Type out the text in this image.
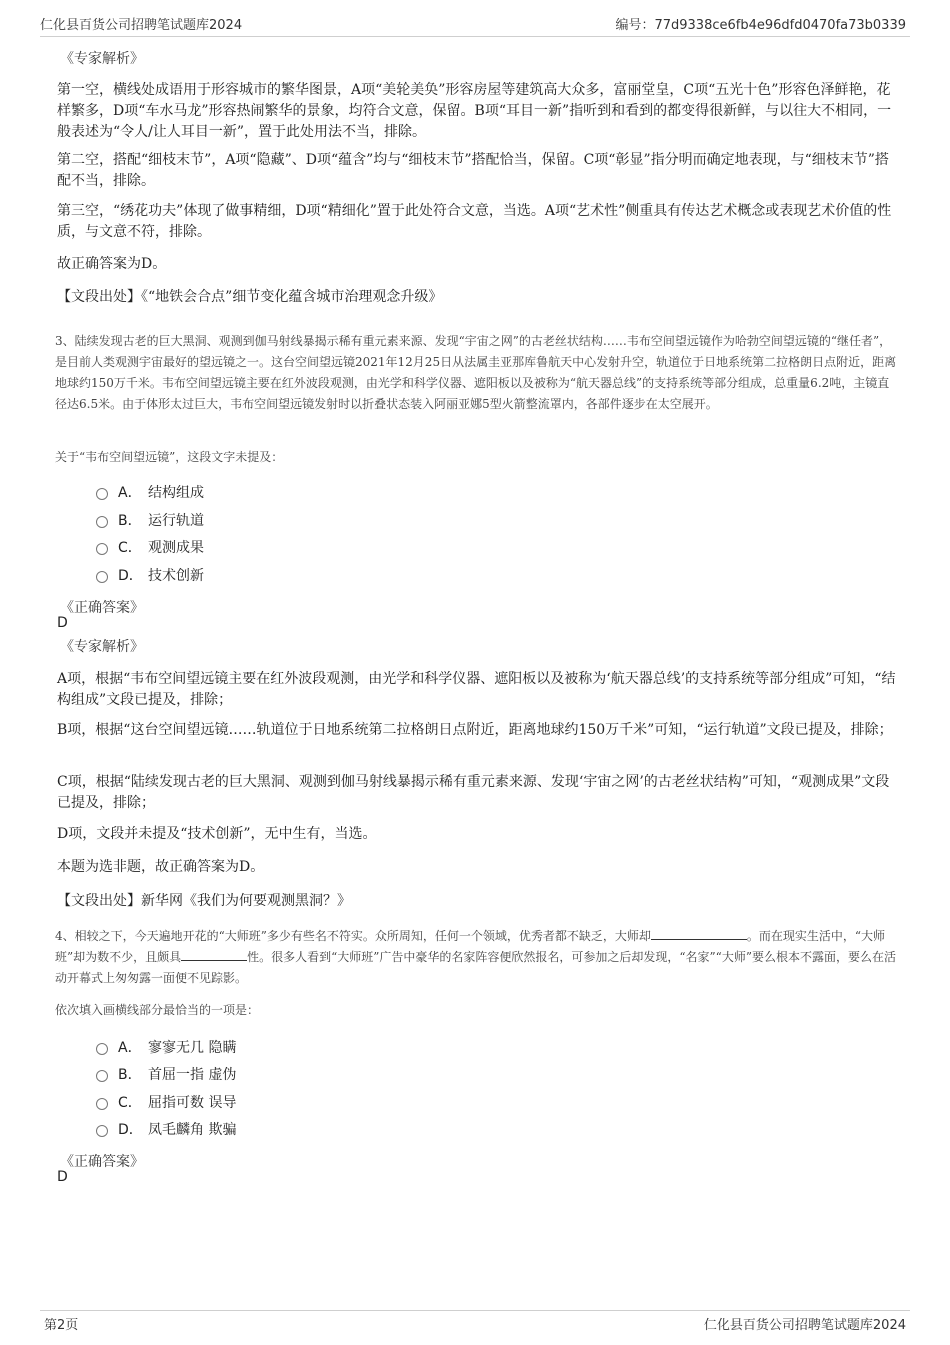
仁化县百货公司招聘笔试题库2024	编号：77d9338ce6fb4e96dfd0470fa73b0339
《专家解析》

第一空，横线处成语用于形容城市的繁华图景，A项“美轮美奂”形容房屋等建筑高大众多，富丽堂皇，C项“五光十色”形容色泽鲜艳，花样繁多，D项“车水马龙”形容热闹繁华的景象，均符合文意，保留。B项“耳目一新”指听到和看到的都变得很新鲜，与以往大不相同，一般表述为“令人/让人耳目一新”，置于此处用法不当，排除。

第二空，搭配“细枝末节”，A项“隐藏”、D项“蕴含”均与“细枝末节”搭配恰当，保留。C项“彰显”指分明而确定地表现，与“细枝末节”搭配不当，排除。

第三空，“绣花功夫”体现了做事精细，D项“精细化”置于此处符合文意，当选。A项“艺术性”侧重具有传达艺术概念或表现艺术价值的性质，与文意不符，排除。

故正确答案为D。

【文段出处】《“地铁会合点”细节变化蕴含城市治理观念升级》

3、陆续发现古老的巨大黑洞、观测到伽马射线暴揭示稀有重元素来源、发现“宇宙之网”的古老丝状结构……韦布空间望远镜作为哈勃空间望远镜的“继任者”，是目前人类观测宇宙最好的望远镜之一。这台空间望远镜2021年12月25日从法属圭亚那库鲁航天中心发射升空，轨道位于日地系统第二拉格朗日点附近，距离地球约150万千米。韦布空间望远镜主要在红外波段观测，由光学和科学仪器、遮阳板以及被称为“航天器总线”的支持系统等部分组成，总重量6.2吨，主镜直径达6.5米。由于体形太过巨大，韦布空间望远镜发射时以折叠状态装入阿丽亚娜5型火箭整流罩内，各部件逐步在太空展开。

关于“韦布空间望远镜”，这段文字未提及：

A． 结构组成
B． 运行轨道
C． 观测成果
D． 技术创新
《正确答案》
D
《专家解析》

A项，根据“韦布空间望远镜主要在红外波段观测，由光学和科学仪器、遮阳板以及被称为‘航天器总线’的支持系统等部分组成”可知，“结构组成”文段已提及，排除；

B项，根据“这台空间望远镜……轨道位于日地系统第二拉格朗日点附近，距离地球约150万千米”可知，“运行轨道”文段已提及，排除；

C项，根据“陆续发现古老的巨大黑洞、观测到伽马射线暴揭示稀有重元素来源、发现‘宇宙之网’的古老丝状结构”可知，“观测成果”文段已提及，排除；

D项，文段并未提及“技术创新”，无中生有，当选。

本题为选非题，故正确答案为D。

【文段出处】新华网《我们为何要观测黑洞？》

4、相较之下，今天遍地开花的“大师班”多少有些名不符实。众所周知，任何一个领域，优秀者都不缺乏，大师却	。而在现实生活中，“大师班”却为数不少，且颇具	性。很多人看到“大师班”广告中豪华的名家阵容便欣然报名，可参加之后却发现，“名家”“大师”要么根本不露面，要么在活动开幕式上匆匆露一面便不见踪影。

依次填入画横线部分最恰当的一项是：

A． 寥寥无几 隐瞒
B． 首屈一指 虚伪
C． 屈指可数 误导
D． 凤毛麟角 欺骗
《正确答案》
D
第2页	仁化县百货公司招聘笔试题库2024
